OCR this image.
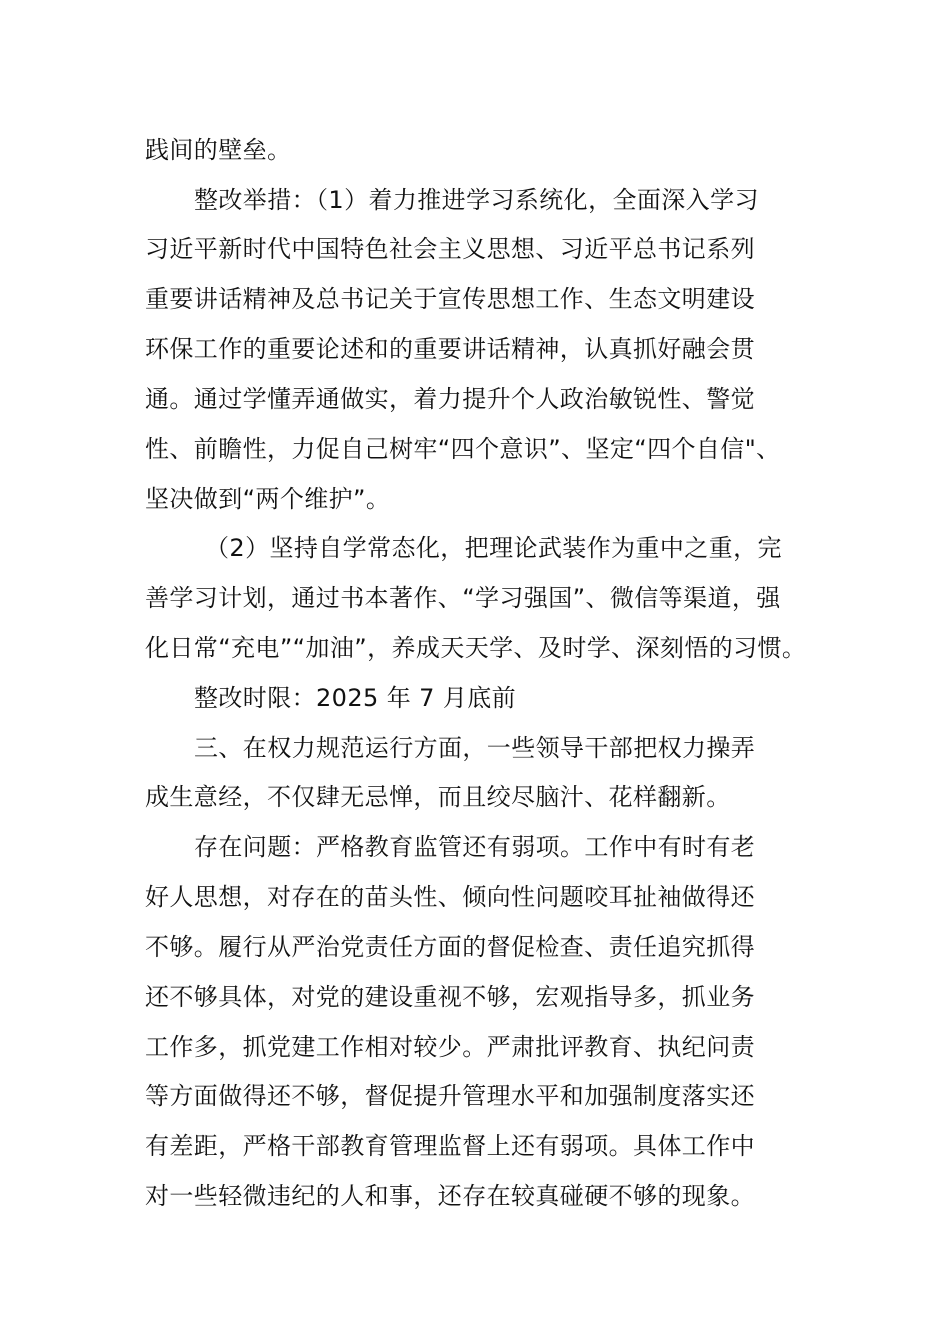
践间的壁垒。
整改举措：（1）着力推进学习系统化，全面深入学习
习近平新时代中国特色社会主义思想、习近平总书记系列
重要讲话精神及总书记关于宣传思想工作、生态文明建设
环保工作的重要论述和的重要讲话精神，认真抓好融会贯
通。通过学懂弄通做实，着力提升个人政治敏锐性、警觉
性、前瞻性，力促自己树牢“四个意识”、坚定“四个自信"、
坚决做到“两个维护”。
（2）坚持自学常态化，把理论武装作为重中之重，完
善学习计划，通过书本著作、“学习强国”、微信等渠道，强
化日常“充电”“加油”，养成天天学、及时学、深刻悟的习惯。
整改时限：2025 年 7 月底前
三、在权力规范运行方面，一些领导干部把权力操弄
成生意经，不仅肆无忌惮，而且绞尽脑汁、花样翻新。
存在问题：严格教育监管还有弱项。工作中有时有老
好人思想，对存在的苗头性、倾向性问题咬耳扯袖做得还
不够。履行从严治党责任方面的督促检查、责任追究抓得
还不够具体，对党的建设重视不够，宏观指导多，抓业务
工作多，抓党建工作相对较少。严肃批评教育、执纪问责
等方面做得还不够，督促提升管理水平和加强制度落实还
有差距，严格干部教育管理监督上还有弱项。具体工作中
对一些轻微违纪的人和事，还存在较真碰硬不够的现象。
